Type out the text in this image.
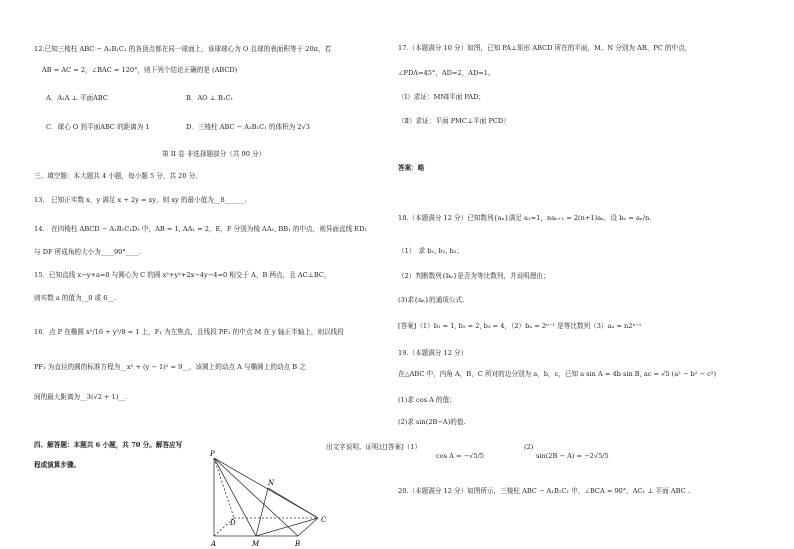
12.已知三棱柱 ABC − A₁B₁C₁ 的各顶点都在同一球面上，该球球心为 O 且球的表面积等于 20π，若
AB = AC = 2，∠BAC = 120°，则下列个结论正确的是 (ABCD)
A．A₁A ⊥ 平面ABC	B．AO ⊥ B₁C₁
C．球心 O 到平面ABC 的距离为 1	D．三棱柱 ABC − A₁B₁C₁ 的体积为 2√3
第 II 卷 非选择题部分（共 90 分）
三、填空题：本大题共 4 小题，每小题 5 分，共 20 分。
13.　已知正实数 x，y 满足 x + 2y = xy，则 xy 的最小值为__8______.
14.　在四棱柱 ABCD − A₁B₁C₁D₁ 中，AB = 1, AA₁ = 2，E，F 分别为棱 AA₁, BB₁ 的中点，则异面直线 ED₁
与 DF 所成角的大小为____90°____.
15．已知直线 x−y+a=0 与圆心为 C 的圆 x²+y²+2x−4y−4=0 相交于 A，B 两点，且 AC⊥BC，
则实数 a 的值为__0 或 6__.
16．点 P 在椭圆 x²/16 + y²/8 = 1 上，F₁ 为左焦点，且线段 PF₁ 的中点 M 在 y 轴正半轴上，则以线段
PF₁ 为直径的圆的标准方程为__x² + (y − 1)² = 9__，该圆上的动点 A 与椭圆上的动点 B 之
间的最大距离为__3(√2 + 1)__.
四、解答题：本题共 6 小题，共 70 分。解答应写
程或演算步骤。
出文字说明、证明过[答案]（1）
P
N
D	C
A	M	B
17.（本题满分 10 分）如图，已知 PA⊥矩形 ABCD 所在的平面，M、N 分别为 AB、PC 的中点，
∠PDA=45°，AD=2，AD=1。
（Ⅰ）求证：MN∥平面 PAD；
（Ⅱ）求证：平面 PMC⊥平面 PCD）
答案：略
18.（本题满分 12 分）已知数列{aₙ}满足 a₁=1，naₙ₊₁ = 2(n+1)aₙ，设 bₙ = aₙ/n.
（1）　求 b₁, b₂, b₃；
（2）判断数列{bₙ}是否为等比数列，并说明理由；
(3)求{aₙ}的通项公式.
[答案]（1）b₁ = 1, b₂ = 2, b₃ = 4，（2）bₙ = 2ⁿ⁻¹ 是等比数列（3）aₙ = n2ⁿ⁻¹
19.（本题满分 12 分）
在△ABC 中，内角 A，B，C 所对的边分别为 a，b，c，已知 a sin A = 4b sin B, ac = √5 (a² − b² − c²)
(1)求 cos A 的值；
(2)求 sin(2B−A)的值.
cos A = −√5/5
(2)
sin(2B − A) = −2√5/5
20.（本题满分 12 分）如图所示，三棱柱 ABC − A₁B₁C₁ 中，∠BCA = 90°，AC₁ ⊥ 平面 ABC .
